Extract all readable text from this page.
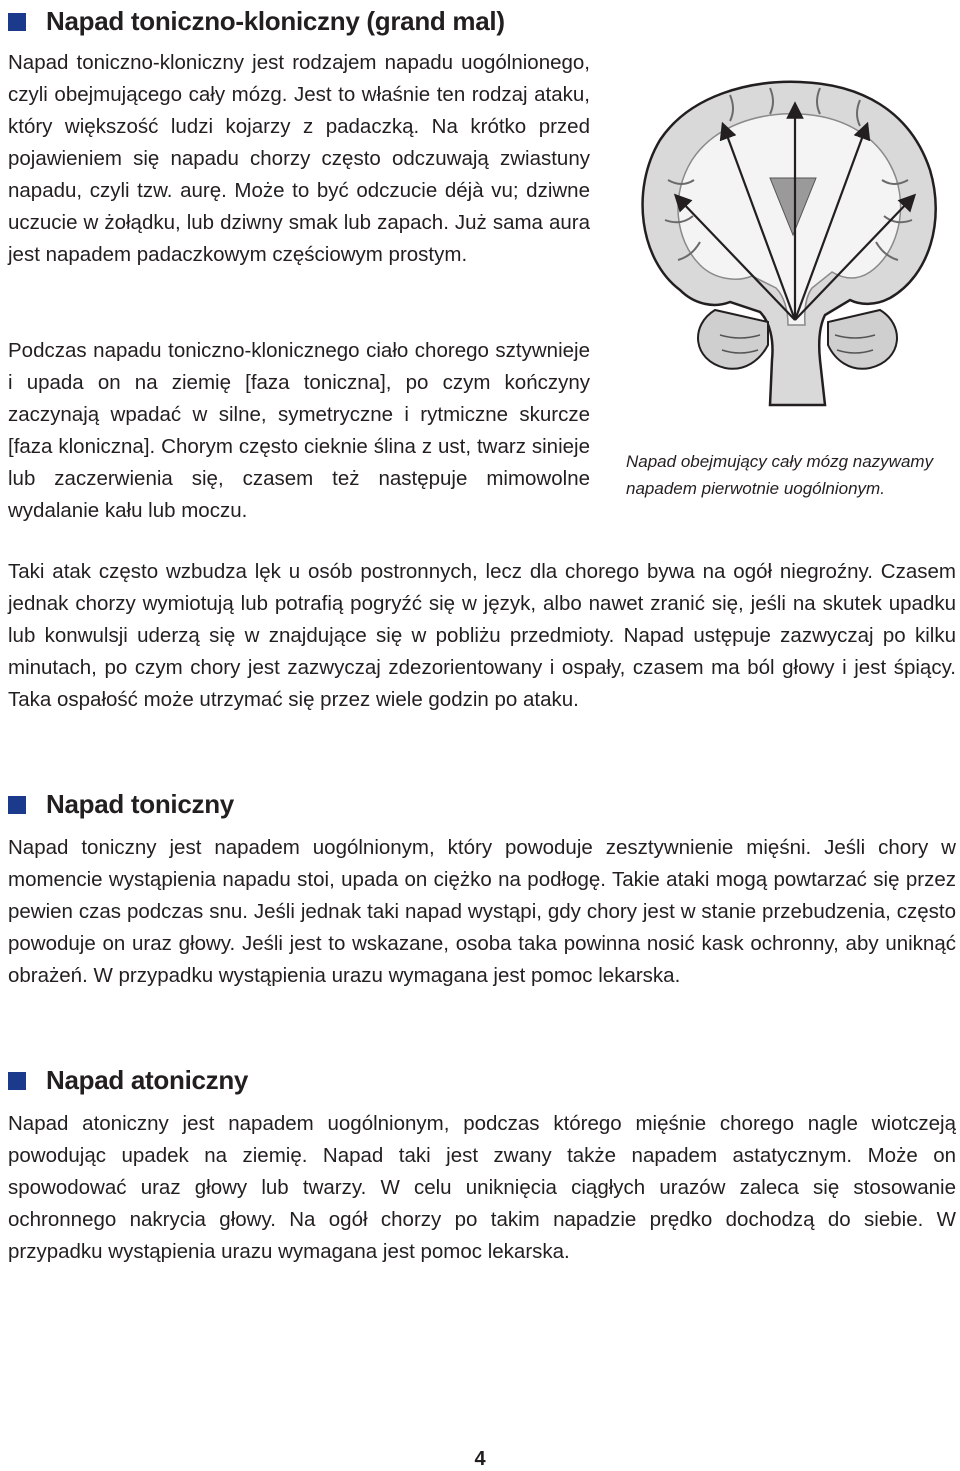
Napad toniczno-kloniczny (grand mal)

Napad toniczno-kloniczny jest rodzajem napadu uogólnionego, czyli obejmującego cały mózg. Jest to właśnie ten rodzaj ataku, który większość ludzi kojarzy z padaczką. Na krótko przed pojawieniem się napadu chorzy często odczuwają zwiastuny napadu, czyli tzw. aurę. Może to być odczucie déjà vu; dziwne uczucie w żołądku, lub dziwny smak lub zapach. Już sama aura jest napadem padaczkowym częściowym prostym.

Podczas napadu toniczno-klonicznego ciało chorego sztywnieje i upada on na ziemię [faza toniczna], po czym kończyny zaczynają wpadać w silne, symetryczne i rytmiczne skurcze [faza kloniczna]. Chorym często cieknie ślina z ust, twarz sinieje lub zaczerwienia się, czasem też następuje mimowolne wydalanie kału lub moczu.

Napad obejmujący cały mózg nazywamy napadem pierwotnie uogólnionym.

Taki atak często wzbudza lęk u osób postronnych, lecz dla chorego bywa na ogół niegroźny. Czasem jednak chorzy wymiotują lub potrafią pogryźć się w język, albo nawet zranić się, jeśli na skutek upadku lub konwulsji uderzą się w znajdujące się w pobliżu przedmioty. Napad ustępuje zazwyczaj po kilku minutach, po czym chory jest zazwyczaj zdezorientowany i ospały, czasem ma ból głowy i jest śpiący. Taka ospałość może utrzymać się przez wiele godzin po ataku.

Napad toniczny

Napad toniczny jest napadem uogólnionym, który powoduje zesztywnienie mięśni. Jeśli chory w momencie wystąpienia napadu stoi, upada on ciężko na podłogę. Takie ataki mogą powtarzać się przez pewien czas podczas snu. Jeśli jednak taki napad wystąpi, gdy chory jest w stanie przebudzenia, często powoduje on uraz głowy. Jeśli jest to wskazane, osoba taka powinna nosić kask ochronny, aby uniknąć obrażeń. W przypadku wystąpienia urazu wymagana jest pomoc lekarska.

Napad atoniczny

Napad atoniczny jest napadem uogólnionym, podczas którego mięśnie chorego nagle wiotczeją powodując upadek na ziemię. Napad taki jest zwany także napadem astatycznym. Może on spowodować uraz głowy lub twarzy. W celu uniknięcia ciągłych urazów zaleca się stosowanie ochronnego nakrycia głowy. Na ogół chorzy po takim napadzie prędko dochodzą do siebie. W przypadku wystąpienia urazu wymagana jest pomoc lekarska.

4
